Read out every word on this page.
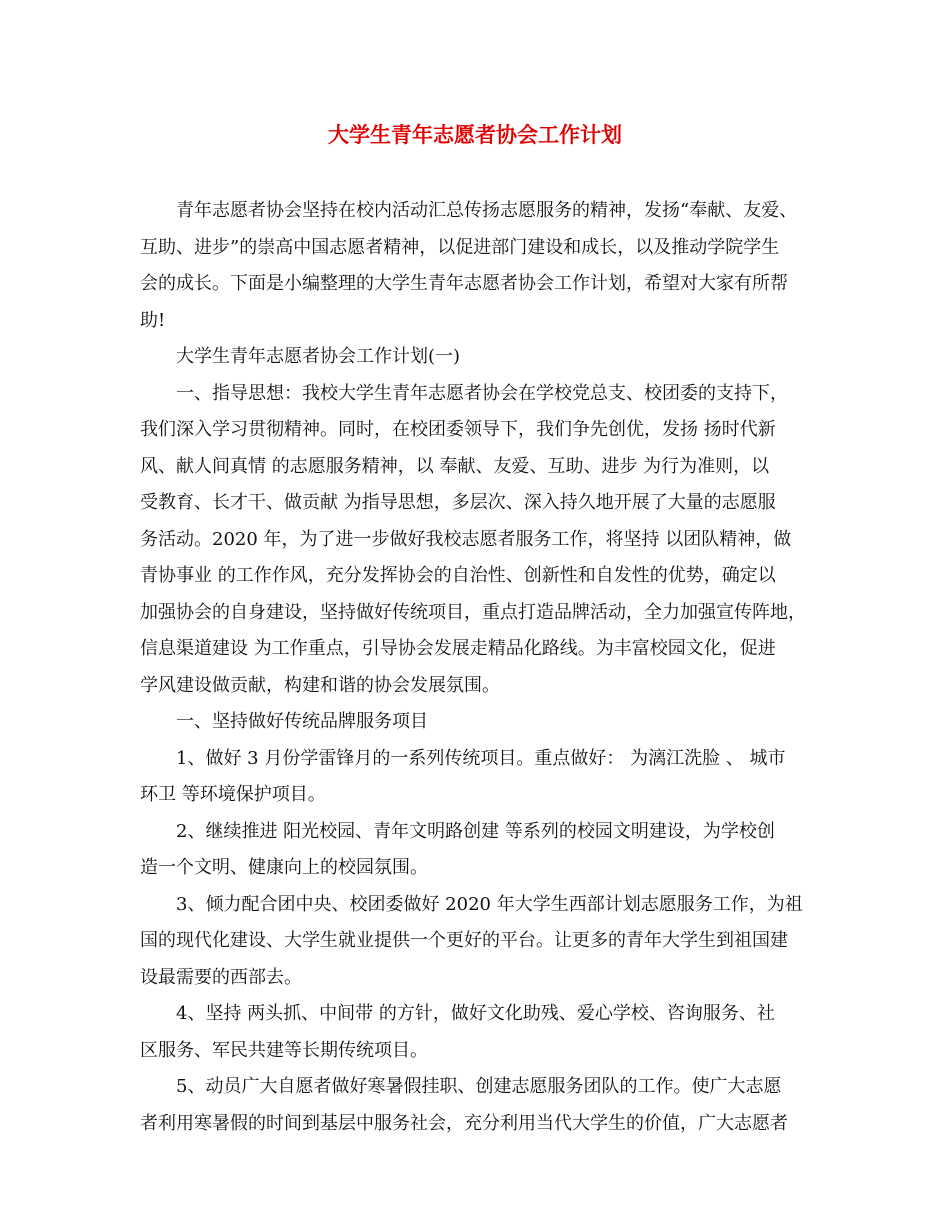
大学生青年志愿者协会工作计划
青年志愿者协会坚持在校内活动汇总传扬志愿服务的精神，发扬“奉献、友爱、
互助、进步”的崇高中国志愿者精神，以促进部门建设和成长，以及推动学院学生
会的成长。下面是小编整理的大学生青年志愿者协会工作计划，希望对大家有所帮
助!
大学生青年志愿者协会工作计划(一)
一、指导思想：我校大学生青年志愿者协会在学校党总支、校团委的支持下，
我们深入学习贯彻精神。同时，在校团委领导下，我们争先创优，发扬 扬时代新
风、献人间真情 的志愿服务精神，以 奉献、友爱、互助、进步 为行为准则，以
受教育、长才干、做贡献 为指导思想，多层次、深入持久地开展了大量的志愿服
务活动。2020 年，为了进一步做好我校志愿者服务工作，将坚持 以团队精神，做
青协事业 的工作作风，充分发挥协会的自治性、创新性和自发性的优势，确定以
加强协会的自身建设，坚持做好传统项目，重点打造品牌活动，全力加强宣传阵地，
信息渠道建设 为工作重点，引导协会发展走精品化路线。为丰富校园文化，促进
学风建设做贡献，构建和谐的协会发展氛围。
一、坚持做好传统品牌服务项目
1、做好 3 月份学雷锋月的一系列传统项目。重点做好： 为漓江洗脸 、 城市
环卫 等环境保护项目。
2、继续推进 阳光校园、青年文明路创建 等系列的校园文明建设，为学校创
造一个文明、健康向上的校园氛围。
3、倾力配合团中央、校团委做好 2020 年大学生西部计划志愿服务工作，为祖
国的现代化建设、大学生就业提供一个更好的平台。让更多的青年大学生到祖国建
设最需要的西部去。
4、坚持 两头抓、中间带 的方针，做好文化助残、爱心学校、咨询服务、社
区服务、军民共建等长期传统项目。
5、动员广大自愿者做好寒暑假挂职、创建志愿服务团队的工作。使广大志愿
者利用寒暑假的时间到基层中服务社会，充分利用当代大学生的价值，广大志愿者
